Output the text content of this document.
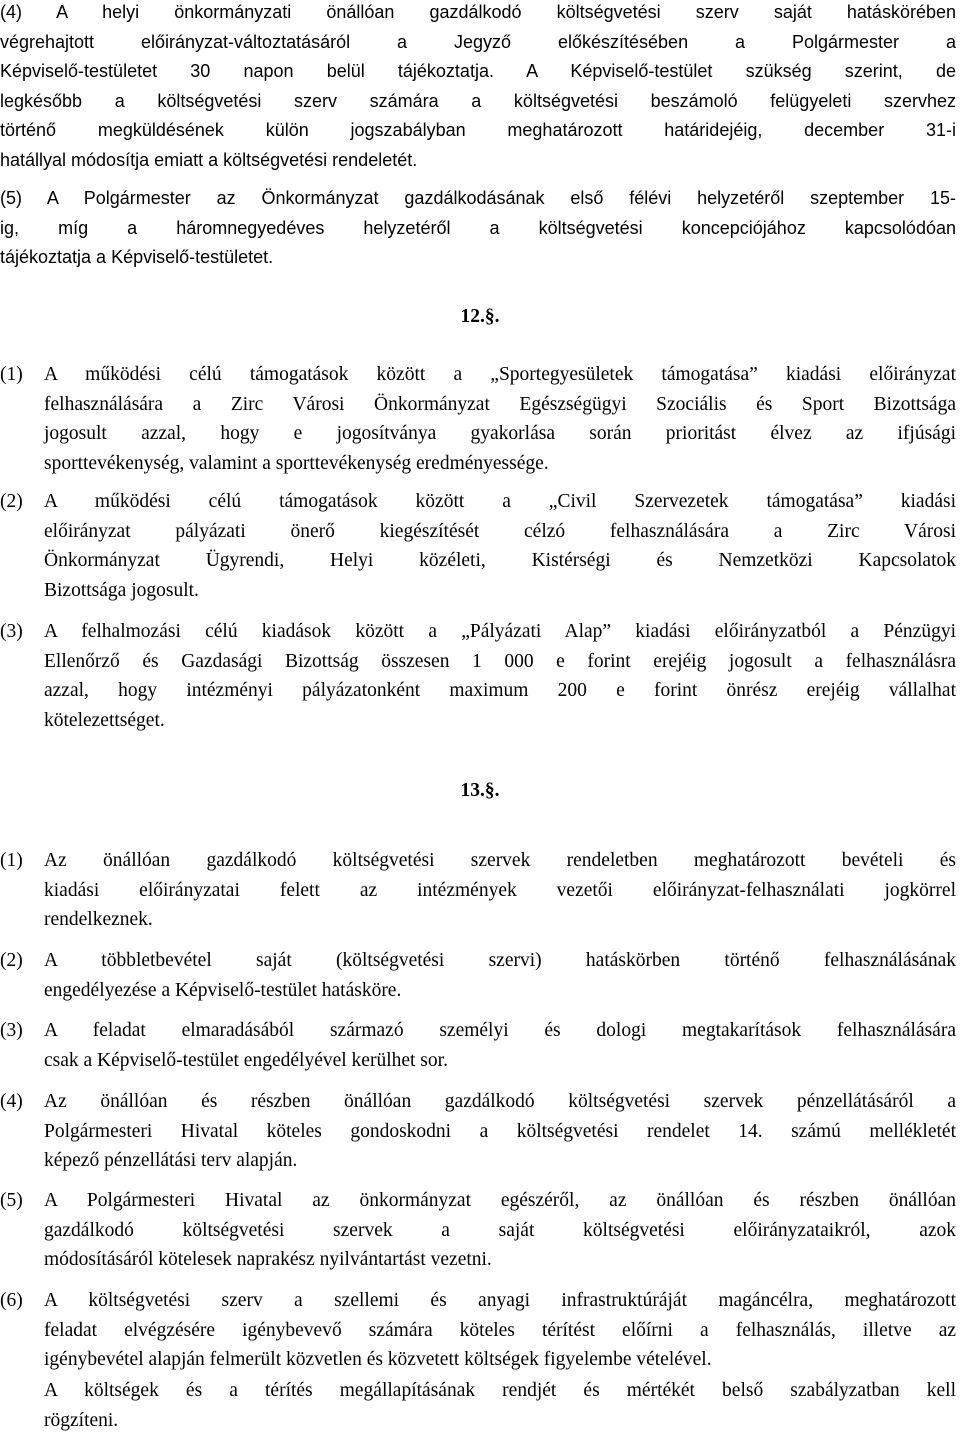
(4) A helyi önkormányzati önállóan gazdálkodó költségvetési szerv saját hatáskörében
végrehajtott előirányzat-változtatásáról a Jegyző előkészítésében a Polgármester a
Képviselő-testületet 30 napon belül tájékoztatja. A Képviselő-testület szükség szerint, de
legkésőbb a költségvetési szerv számára a költségvetési beszámoló felügyeleti szervhez
történő megküldésének külön jogszabályban meghatározott határidejéig, december 31-i
hatállyal módosítja emiatt a költségvetési rendeletét.
(5) A Polgármester az Önkormányzat gazdálkodásának első félévi helyzetéről szeptember 15-
ig, míg a háromnegyedéves helyzetéről a költségvetési koncepciójához kapcsolódóan
tájékoztatja a Képviselő-testületet.
12.§.
(1)	A működési célú támogatások között a „Sportegyesületek támogatása” kiadási előirányzat
felhasználására a Zirc Városi Önkormányzat Egészségügyi Szociális és Sport Bizottsága
jogosult azzal, hogy e jogosítványa gyakorlása során prioritást élvez az ifjúsági
sporttevékenység, valamint a sporttevékenység eredményessége.
(2)	A működési célú támogatások között a „Civil Szervezetek támogatása” kiadási
előirányzat pályázati önerő kiegészítését célzó felhasználására a Zirc Városi
Önkormányzat Ügyrendi, Helyi közéleti, Kistérségi és Nemzetközi Kapcsolatok
Bizottsága jogosult.
(3)	A felhalmozási célú kiadások között a „Pályázati Alap” kiadási előirányzatból a Pénzügyi
Ellenőrző és Gazdasági Bizottság összesen 1 000 e forint erejéig jogosult a felhasználásra
azzal, hogy intézményi pályázatonként maximum 200 e forint önrész erejéig vállalhat
kötelezettséget.
13.§.
(1)	Az önállóan gazdálkodó költségvetési szervek rendeletben meghatározott bevételi és
kiadási előirányzatai felett az intézmények vezetői előirányzat-felhasználati jogkörrel
rendelkeznek.
(2)	A többletbevétel saját (költségvetési szervi) hatáskörben történő felhasználásának
engedélyezése a Képviselő-testület hatásköre.
(3)	A feladat elmaradásából származó személyi és dologi megtakarítások felhasználására
csak a Képviselő-testület engedélyével kerülhet sor.
(4)	Az önállóan és részben önállóan gazdálkodó költségvetési szervek pénzellátásáról a
Polgármesteri Hivatal köteles gondoskodni a költségvetési rendelet 14. számú mellékletét
képező pénzellátási terv alapján.
(5)	A Polgármesteri Hivatal az önkormányzat egészéről, az önállóan és részben önállóan
gazdálkodó költségvetési szervek a saját költségvetési előirányzataikról, azok
módosításáról kötelesek naprakész nyilvántartást vezetni.
(6)	A költségvetési szerv a szellemi és anyagi infrastruktúráját magáncélra, meghatározott
feladat elvégzésére igénybevevő számára köteles térítést előírni a felhasználás, illetve az
igénybevétel alapján felmerült közvetlen és közvetett költségek figyelembe vételével.
A költségek és a térítés megállapításának rendjét és mértékét belső szabályzatban kell
rögzíteni.
